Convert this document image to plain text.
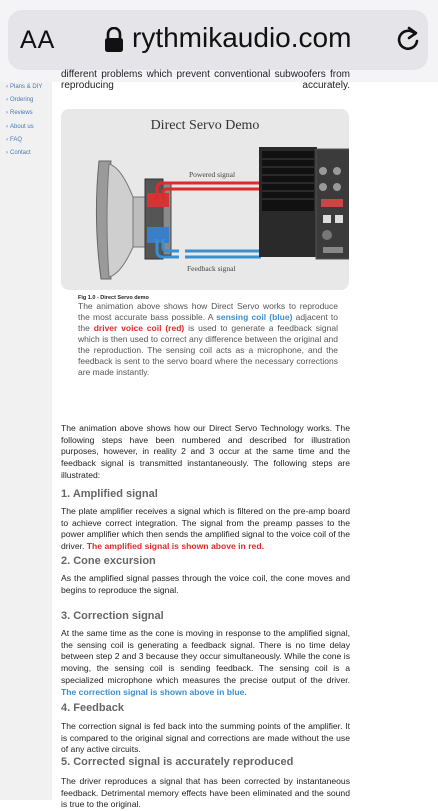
AA	rythmikaudio.com
› Plans & DIY
› Ordering
› Reviews
› About us
› FAQ
› Contact
different problems which prevent conventional subwoofers from reproducing accurately.
Direct Servo Demo
Powered signal
Feedback signal
Fig 1.0 - Direct Servo demo
The animation above shows how Direct Servo works to reproduce the most accurate bass possible. A sensing coil (blue) adjacent to the driver voice coil (red) is used to generate a feedback signal which is then used to correct any difference between the original and the reproduction. The sensing coil acts as a microphone, and the feedback is sent to the servo board where the necessary corrections are made instantly.
The animation above shows how our Direct Servo Technology works. The following steps have been numbered and described for illustration purposes, however, in reality 2 and 3 occur at the same time and the feedback signal is transmitted instantaneously. The following steps are illustrated:
1. Amplified signal
The plate amplifier receives a signal which is filtered on the pre-amp board to achieve correct integration. The signal from the preamp passes to the power amplifier which then sends the amplified signal to the voice coil of the driver. The amplified signal is shown above in red.
2. Cone excursion
As the amplified signal passes through the voice coil, the cone moves and begins to reproduce the signal.
3. Correction signal
At the same time as the cone is moving in response to the amplified signal, the sensing coil is generating a feedback signal. There is no time delay between step 2 and 3 because they occur simultaneously. While the cone is moving, the sensing coil is sending feedback. The sensing coil is a specialized microphone which measures the precise output of the driver. The correction signal is shown above in blue.
4. Feedback
The correction signal is fed back into the summing points of the amplifier. It is compared to the original signal and corrections are made without the use of any active circuits.
5. Corrected signal is accurately reproduced
The driver reproduces a signal that has been corrected by instantaneous feedback. Detrimental memory effects have been eliminated and the sound is true to the original.
